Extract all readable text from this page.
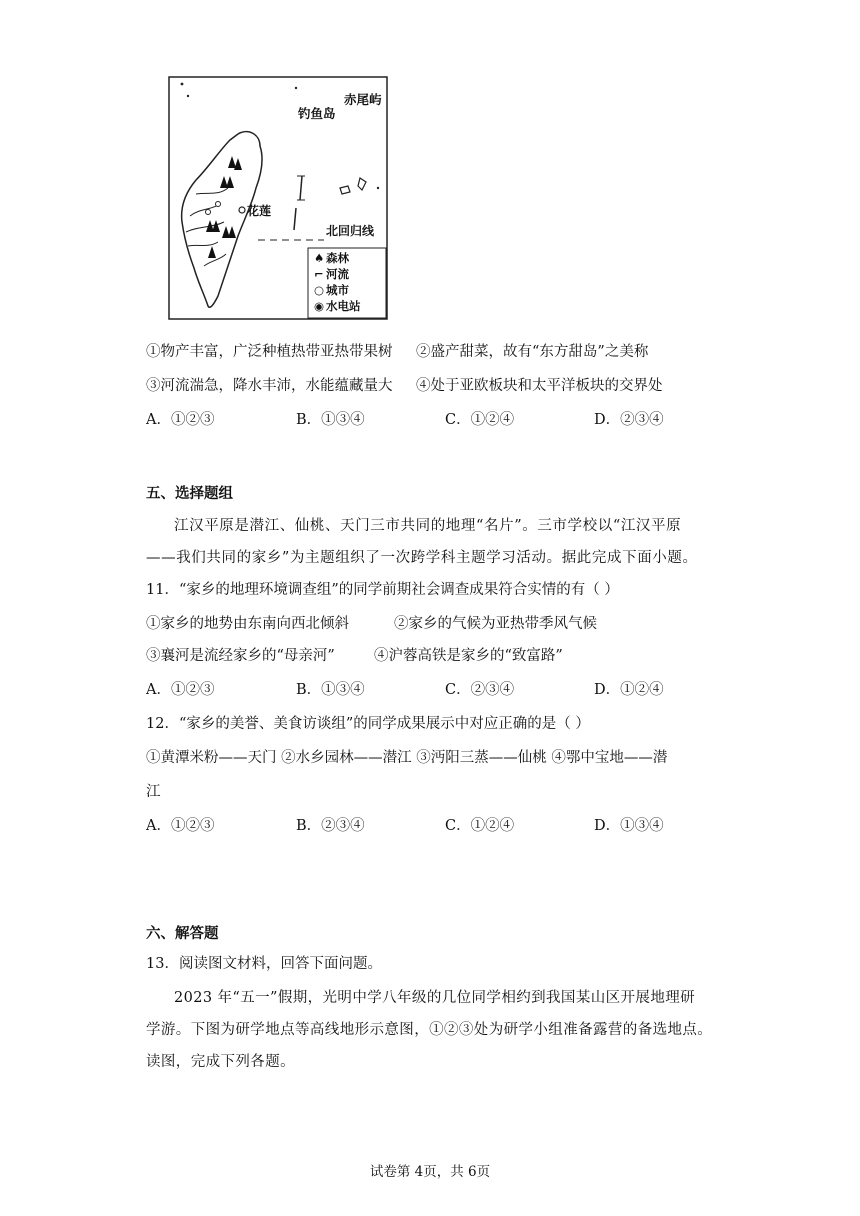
赤尾屿
钓鱼岛
花莲
北回归线
♠ 森林
⌐ 河流
○ 城市
◉ 水电站
①物产丰富，广泛种植热带亚热带果树 ②盛产甜菜，故有“东方甜岛”之美称
③河流湍急，降水丰沛，水能蕴藏量大 ④处于亚欧板块和太平洋板块的交界处
A．①②③	B．①③④	C．①②④	D．②③④
五、选择题组
江汉平原是潜江、仙桃、天门三市共同的地理“名片”。三市学校以“江汉平原
——我们共同的家乡”为主题组织了一次跨学科主题学习活动。据此完成下面小题。
11．“家乡的地理环境调查组”的同学前期社会调查成果符合实情的有（ ）
①家乡的地势由东南向西北倾斜	②家乡的气候为亚热带季风气候
③襄河是流经家乡的“母亲河”	④沪蓉高铁是家乡的“致富路”
A．①②③	B．①③④	C．②③④	D．①②④
12．“家乡的美誉、美食访谈组”的同学成果展示中对应正确的是（ ）
①黄潭米粉——天门 ②水乡园林——潜江 ③沔阳三蒸——仙桃 ④鄂中宝地——潜
江
A．①②③	B．②③④	C．①②④	D．①③④
六、解答题
13．阅读图文材料，回答下面问题。
2023 年“五一”假期，光明中学八年级的几位同学相约到我国某山区开展地理研
学游。下图为研学地点等高线地形示意图，①②③处为研学小组准备露营的备选地点。
读图，完成下列各题。
试卷第 4页，共 6页
